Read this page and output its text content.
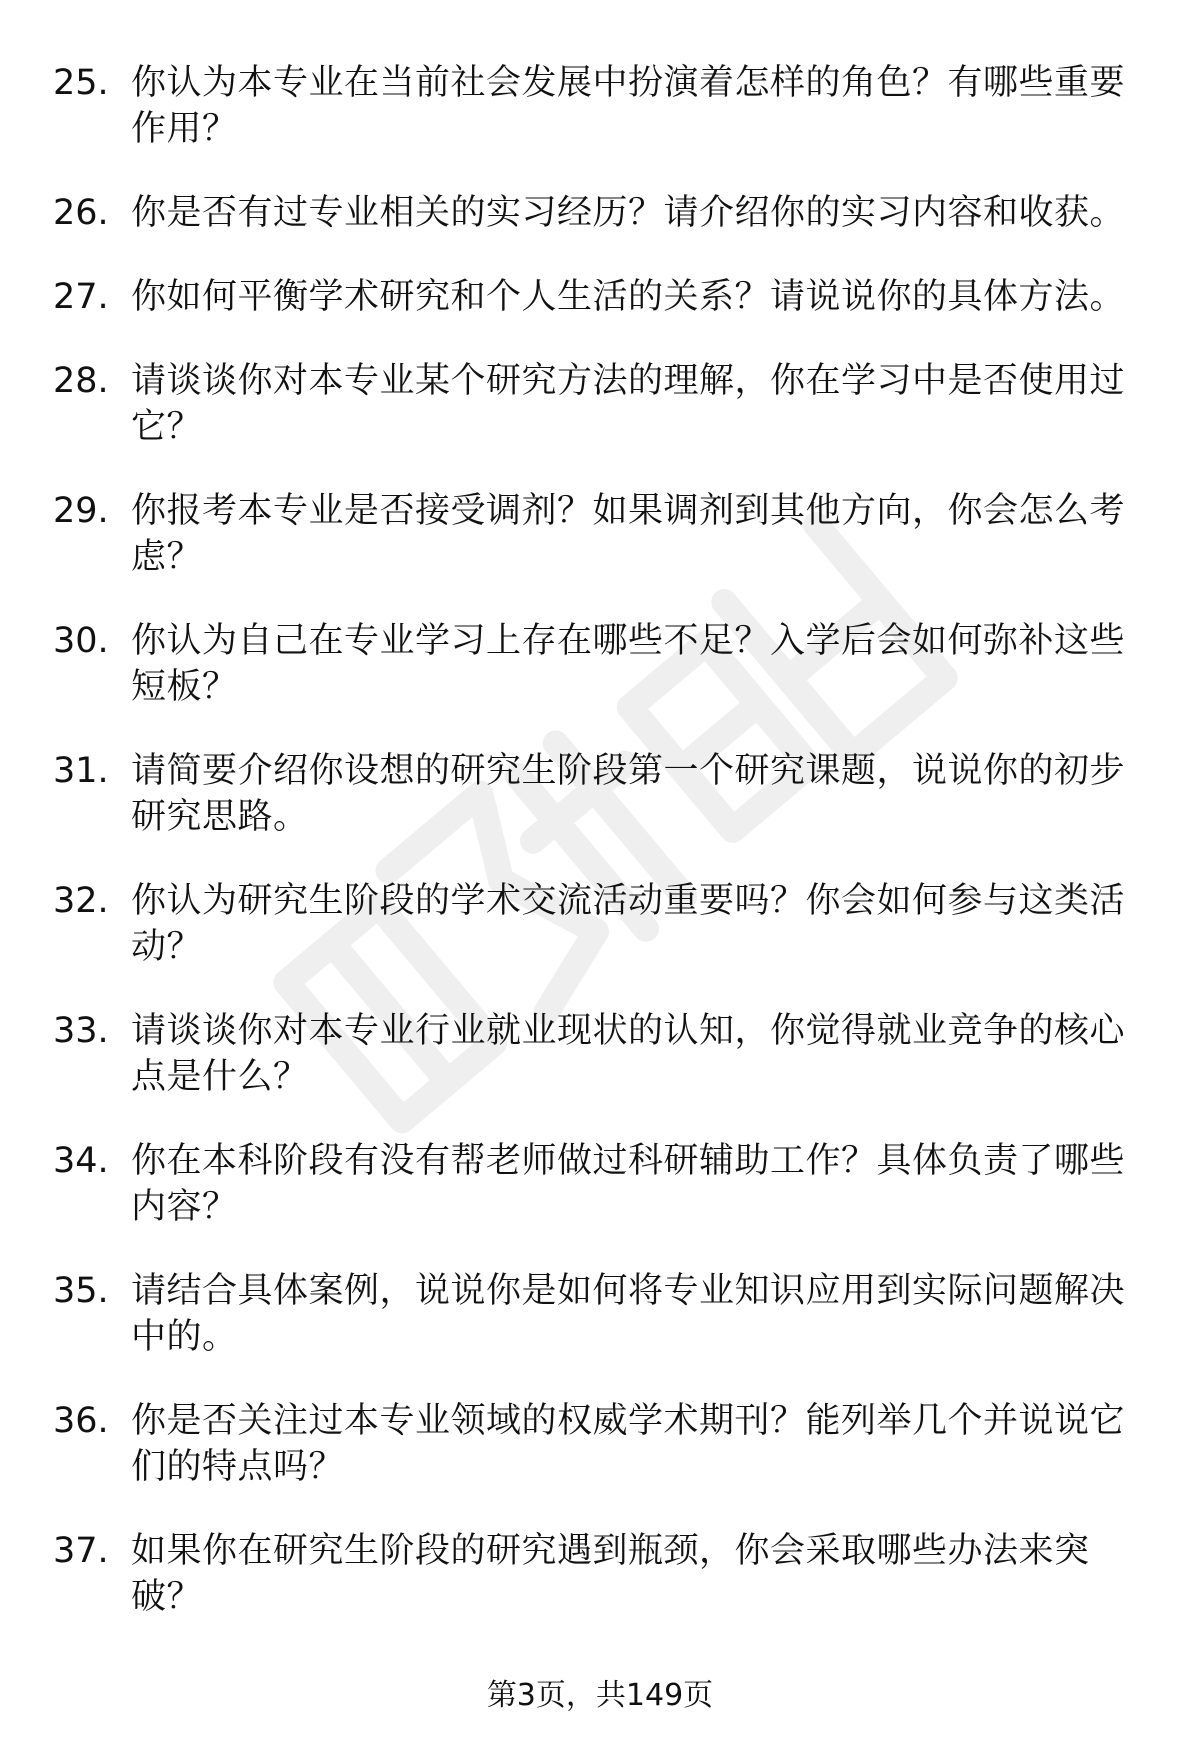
25. 你认为本专业在当前社会发展中扮演着怎样的角色？有哪些重要作用？
26. 你是否有过专业相关的实习经历？请介绍你的实习内容和收获。
27. 你如何平衡学术研究和个人生活的关系？请说说你的具体方法。
28. 请谈谈你对本专业某个研究方法的理解，你在学习中是否使用过它？
29. 你报考本专业是否接受调剂？如果调剂到其他方向，你会怎么考虑？
30. 你认为自己在专业学习上存在哪些不足？入学后会如何弥补这些短板？
31. 请简要介绍你设想的研究生阶段第一个研究课题，说说你的初步研究思路。
32. 你认为研究生阶段的学术交流活动重要吗？你会如何参与这类活动？
33. 请谈谈你对本专业行业就业现状的认知，你觉得就业竞争的核心点是什么？
34. 你在本科阶段有没有帮老师做过科研辅助工作？具体负责了哪些内容？
35. 请结合具体案例，说说你是如何将专业知识应用到实际问题解决中的。
36. 你是否关注过本专业领域的权威学术期刊？能列举几个并说说它们的特点吗？
37. 如果你在研究生阶段的研究遇到瓶颈，你会采取哪些办法来突破？
第3页，共149页
